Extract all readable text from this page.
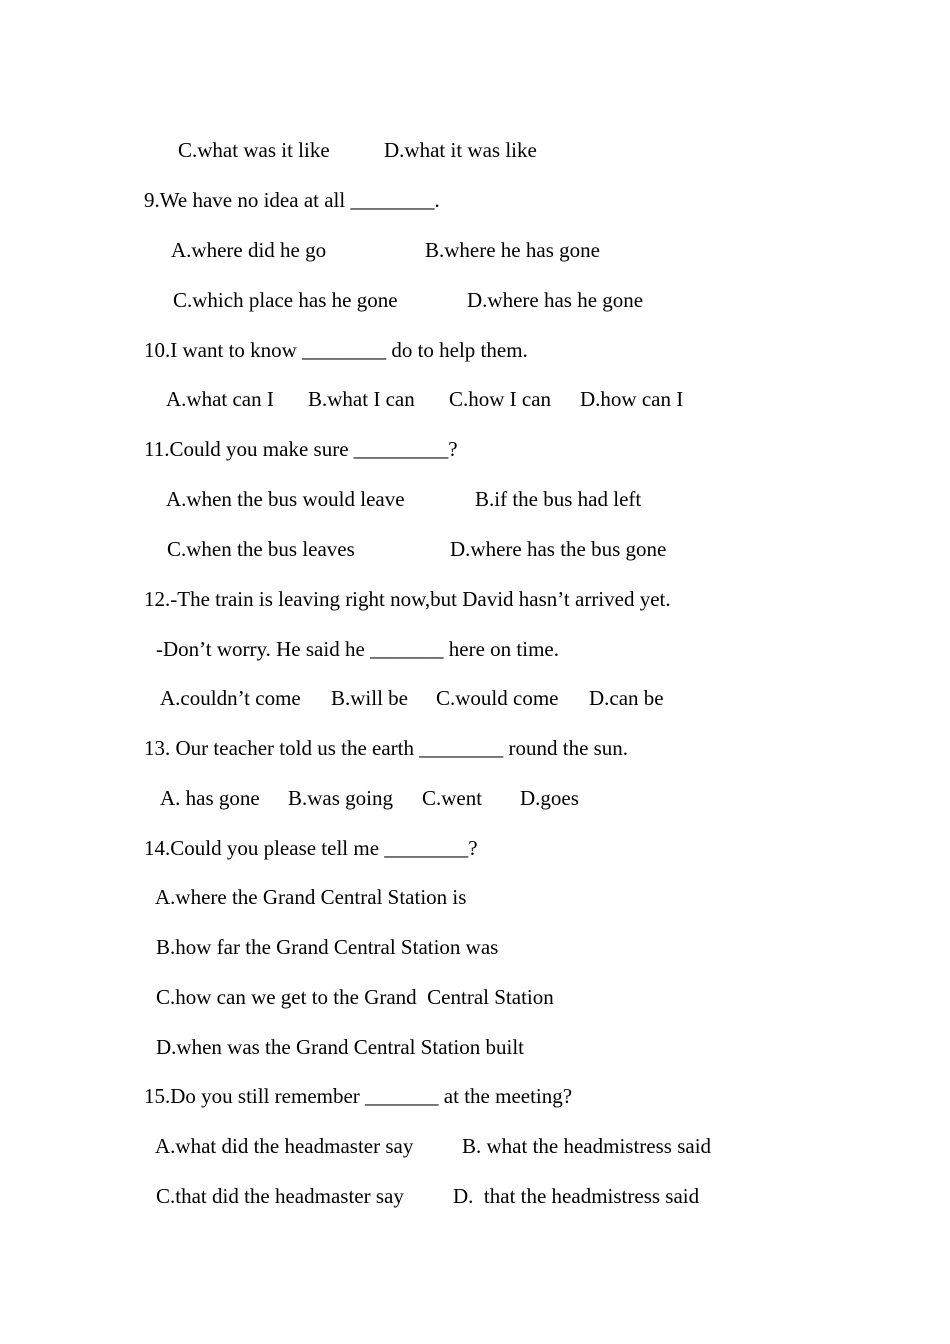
C.what was it like

	D.what it was like

9.We have no idea at all ________.

A.where did he go

	B.where he has gone

C.which place has he gone

	D.where has he gone

10.I want to know ________ do to help them.

A.what can I

B.what I can

C.how I can

D.how can I

11.Could you make sure _________?

A.when the bus would leave

	B.if the bus had left

C.when the bus leaves

	D.where has the bus gone

12.-The train is leaving right now,but David hasn’t arrived yet.

-Don’t worry. He said he _______ here on time.

A.couldn’t come

B.will be

C.would come

D.can be

13. Our teacher told us the earth ________ round the sun.

A. has gone

B.was going

C.went

D.goes

14.Could you please tell me ________?

A.where the Grand Central Station is

B.how far the Grand Central Station was

C.how can we get to the Grand  Central Station

D.when was the Grand Central Station built

15.Do you still remember _______ at the meeting?

A.what did the headmaster say

B. what the headmistress said

C.that did the headmaster say

D.  that the headmistress said
